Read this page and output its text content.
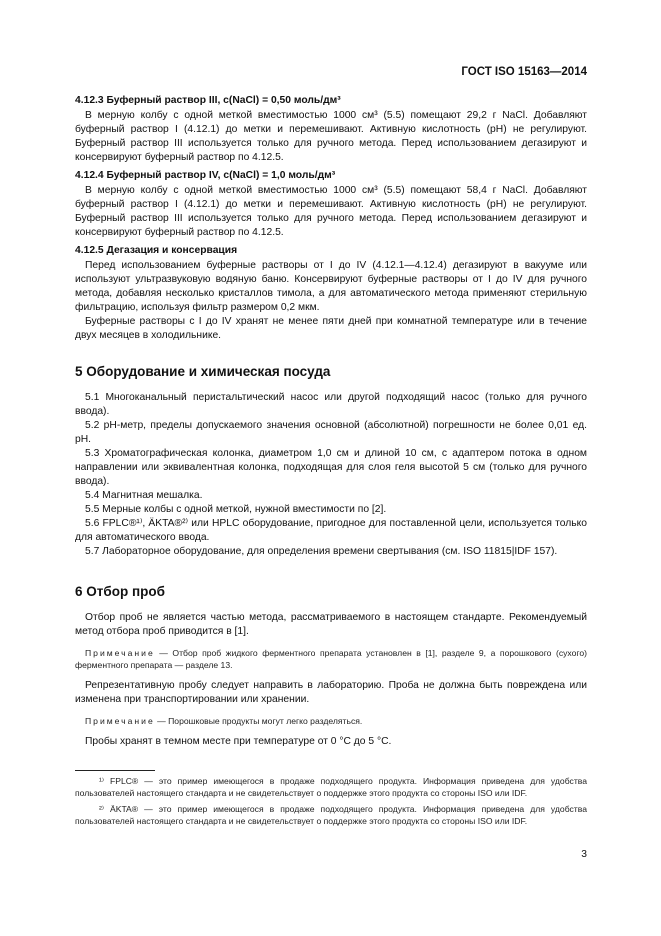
ГОСТ ISO 15163—2014
4.12.3 Буферный раствор III, c(NaCl) = 0,50 моль/дм³

В мерную колбу с одной меткой вместимостью 1000 см³ (5.5) помещают 29,2 г NaCl. Добавляют буферный раствор I (4.12.1) до метки и перемешивают. Активную кислотность (pH) не регулируют. Буферный раствор III используется только для ручного метода. Перед использованием дегазируют и консервируют буферный раствор по 4.12.5.

4.12.4 Буферный раствор IV, c(NaCl) = 1,0 моль/дм³

В мерную колбу с одной меткой вместимостью 1000 см³ (5.5) помещают 58,4 г NaCl. Добавляют буферный раствор I (4.12.1) до метки и перемешивают. Активную кислотность (pH) не регулируют. Буферный раствор III используется только для ручного метода. Перед использованием дегазируют и консервируют буферный раствор по 4.12.5.

4.12.5 Дегазация и консервация

Перед использованием буферные растворы от I до IV (4.12.1—4.12.4) дегазируют в вакууме или используют ультразвуковую водяную баню. Консервируют буферные растворы от I до IV для ручного метода, добавляя несколько кристаллов тимола, а для автоматического метода применяют стерильную фильтрацию, используя фильтр размером 0,2 мкм.

Буферные растворы с I до IV хранят не менее пяти дней при комнатной температуре или в течение двух месяцев в холодильнике.

5 Оборудование и химическая посуда

5.1 Многоканальный перистальтический насос или другой подходящий насос (только для ручного ввода).

5.2 pH-метр, пределы допускаемого значения основной (абсолютной) погрешности не более 0,01 ед. pH.

5.3 Хроматографическая колонка, диаметром 1,0 см и длиной 10 см, с адаптером потока в одном направлении или эквивалентная колонка, подходящая для слоя геля высотой 5 см (только для ручного ввода).

5.4 Магнитная мешалка.

5.5 Мерные колбы с одной меткой, нужной вместимости по [2].

5.6 FPLC®¹⁾, ÄKTA®²⁾ или HPLC оборудование, пригодное для поставленной цели, используется только для автоматического ввода.

5.7 Лабораторное оборудование, для определения времени свертывания (см. ISO 11815|IDF 157).

6 Отбор проб

Отбор проб не является частью метода, рассматриваемого в настоящем стандарте. Рекомендуемый метод отбора проб приводится в [1].

Примечание — Отбор проб жидкого ферментного препарата установлен в [1], разделе 9, а порошкового (сухого) ферментного препарата — разделе 13.

Репрезентативную пробу следует направить в лабораторию. Проба не должна быть повреждена или изменена при транспортировании или хранении.

Примечание — Порошковые продукты могут легко разделяться.

Пробы хранят в темном месте при температуре от 0 °С до 5 °С.

¹⁾ FPLC® — это пример имеющегося в продаже подходящего продукта. Информация приведена для удобства пользователей настоящего стандарта и не свидетельствует о поддержке этого продукта со стороны ISO или IDF.

²⁾ ÄKTA® — это пример имеющегося в продаже подходящего продукта. Информация приведена для удобства пользователей настоящего стандарта и не свидетельствует о поддержке этого продукта со стороны ISO или IDF.

3
